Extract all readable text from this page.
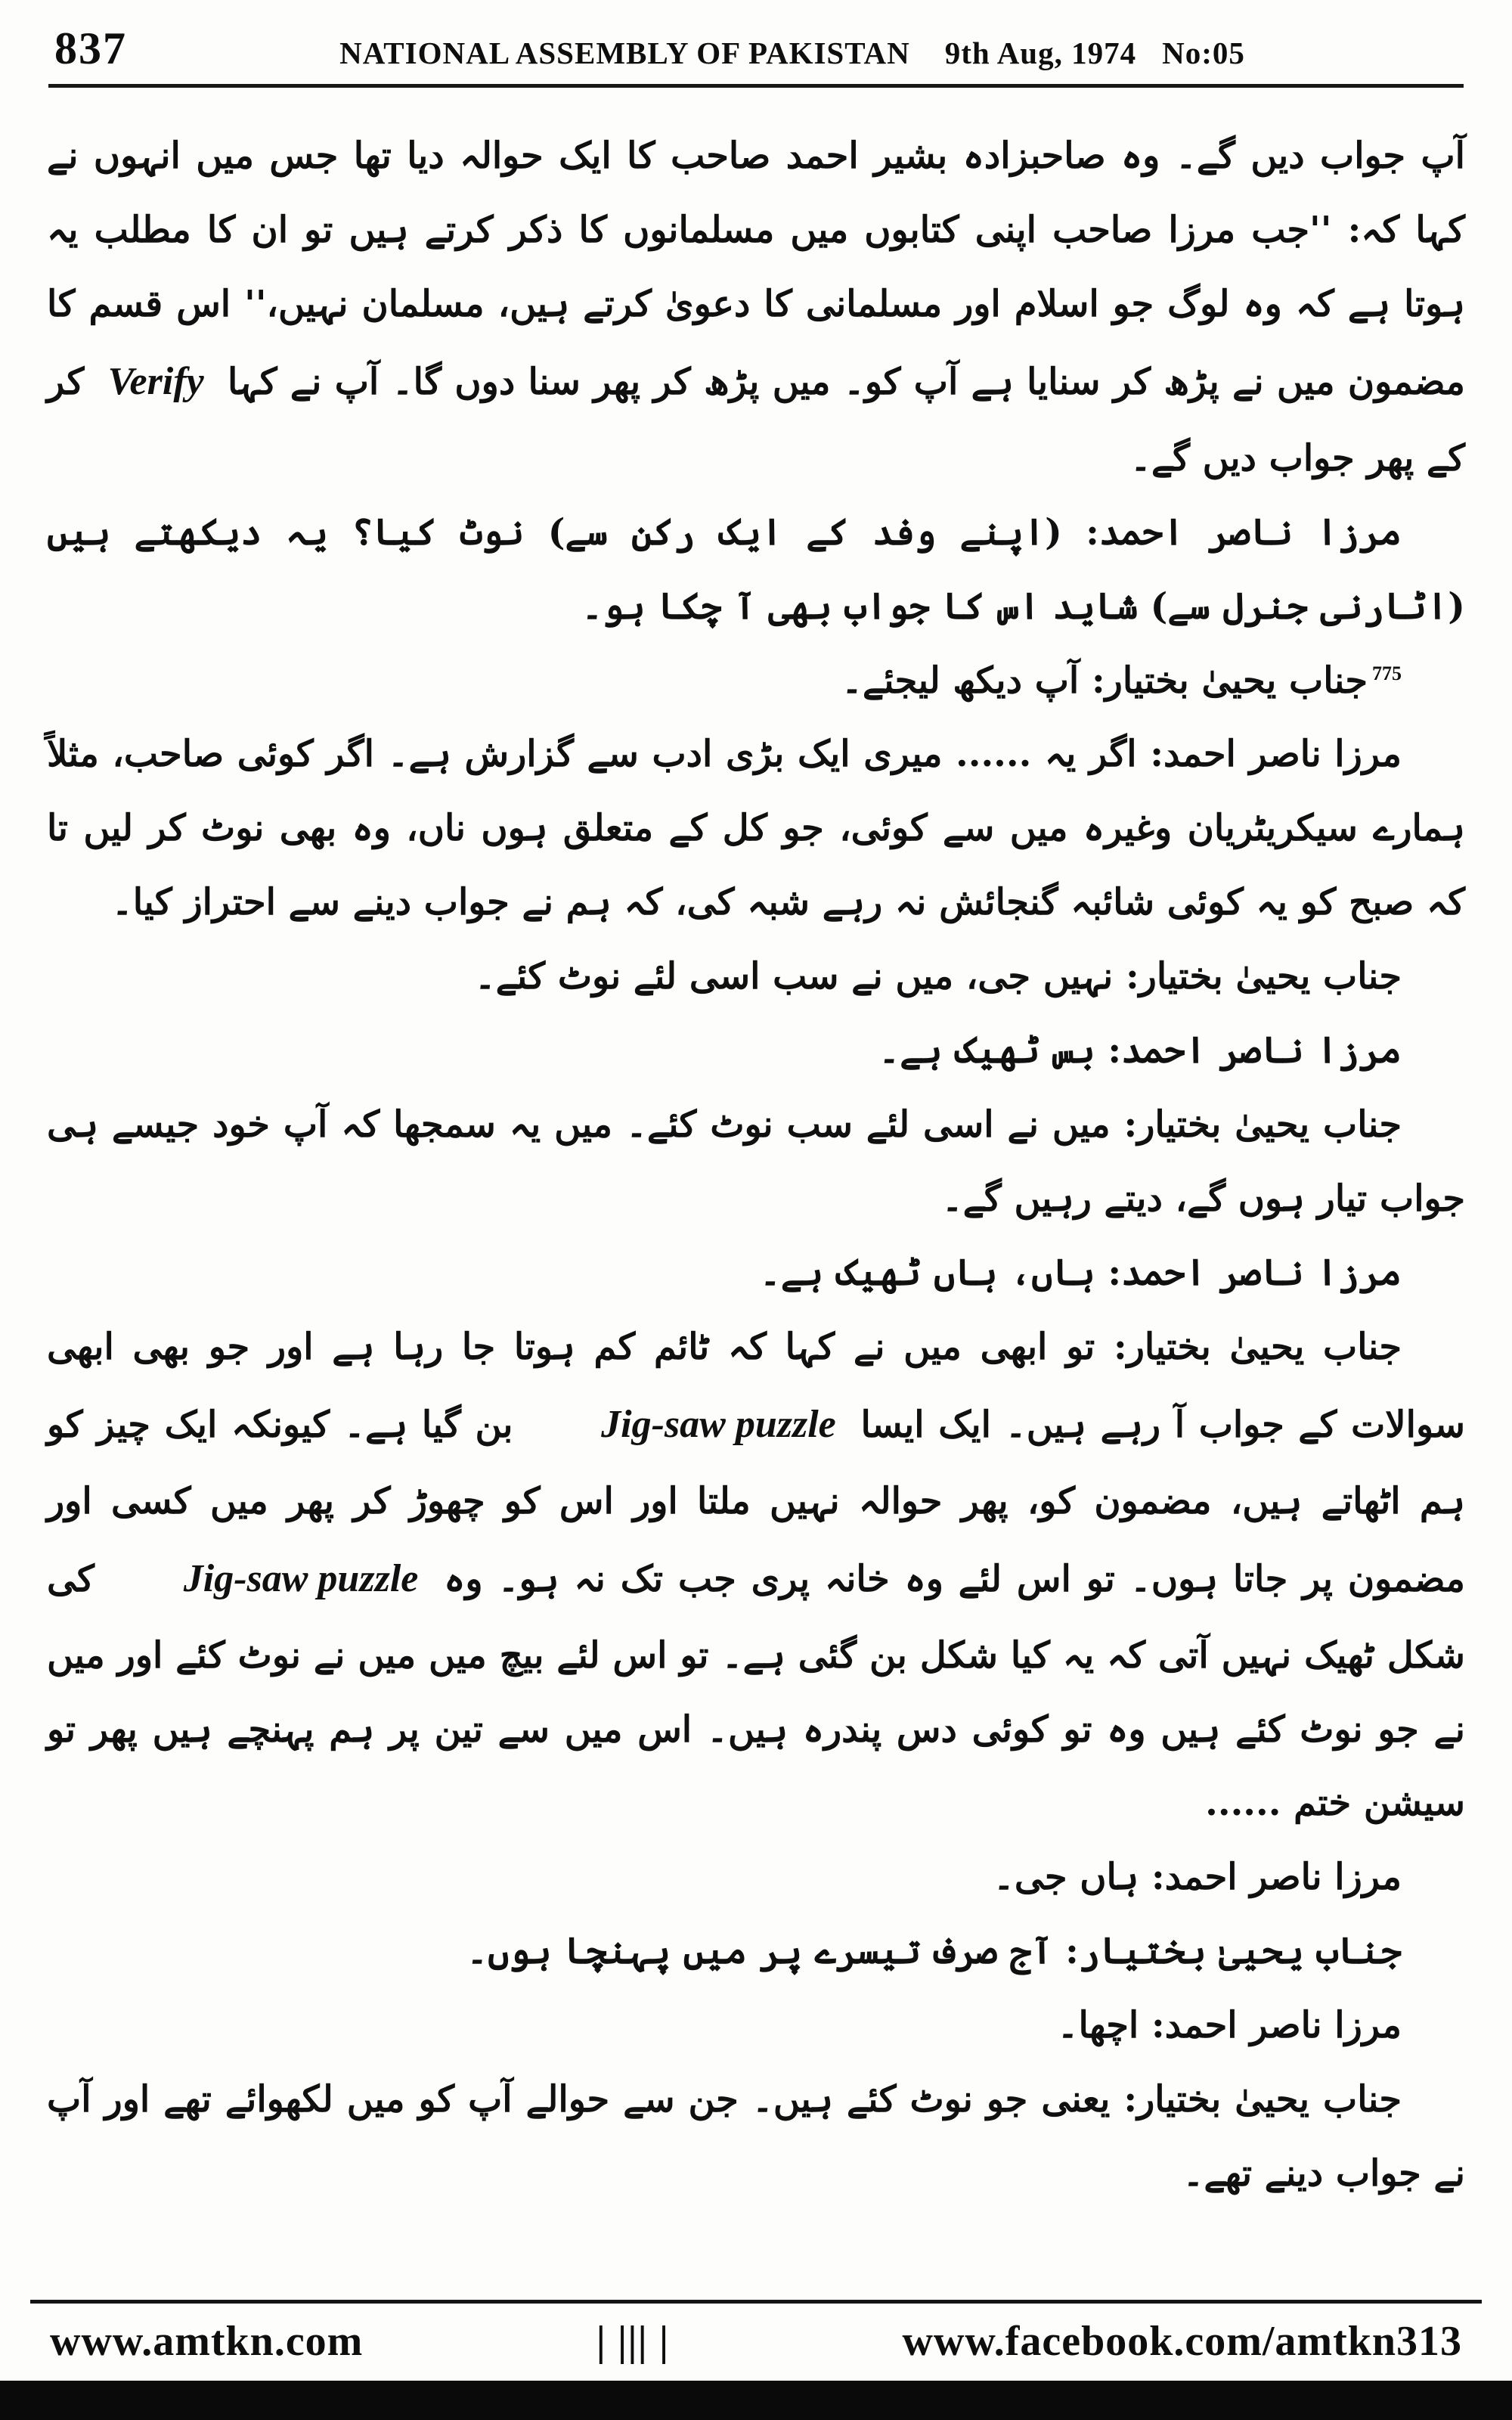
837	NATIONAL ASSEMBLY OF PAKISTAN 9th Aug, 1974 No:05

آپ جواب دیں گے۔ وہ صاحبزادہ بشیر احمد صاحب کا ایک حوالہ دیا تھا جس میں انہوں نے کہا کہ: ''جب مرزا صاحب اپنی کتابوں میں مسلمانوں کا ذکر کرتے ہیں تو ان کا مطلب یہ ہوتا ہے کہ وہ لوگ جو اسلام اور مسلمانی کا دعویٰ کرتے ہیں، مسلمان نہیں،'' اس قسم کا مضمون میں نے پڑھ کر سنایا ہے آپ کو۔ میں پڑھ کر پھر سنا دوں گا۔ آپ نے کہا Verify کر کے پھر جواب دیں گے۔

مرزا ناصر احمد: (اپنے وفد کے ایک رکن سے) نوٹ کیا؟ یہ دیکھتے ہیں (اٹارنی جنرل سے) شاید اس کا جواب بھی آ چکا ہو۔

$^{775}$جناب یحییٰ بختیار: آپ دیکھ لیجئے۔

مرزا ناصر احمد: اگر یہ ...... میری ایک بڑی ادب سے گزارش ہے۔ اگر کوئی صاحب، مثلاً ہمارے سیکریٹریان وغیرہ میں سے کوئی، جو کل کے متعلق ہوں ناں، وہ بھی نوٹ کر لیں تا کہ صبح کو یہ کوئی شائبہ گنجائش نہ رہے شبہ کی، کہ ہم نے جواب دینے سے احتراز کیا۔

جناب یحییٰ بختیار: نہیں جی، میں نے سب اسی لئے نوٹ کئے۔

مرزا ناصر احمد: بس ٹھیک ہے۔

جناب یحییٰ بختیار: میں نے اسی لئے سب نوٹ کئے۔ میں یہ سمجھا کہ آپ خود جیسے ہی جواب تیار ہوں گے، دیتے رہیں گے۔

مرزا ناصر احمد: ہاں، ہاں ٹھیک ہے۔

جناب یحییٰ بختیار: تو ابھی میں نے کہا کہ ٹائم کم ہوتا جا رہا ہے اور جو بھی ابھی سوالات کے جواب آ رہے ہیں۔ ایک ایسا Jig-saw puzzle بن گیا ہے۔ کیونکہ ایک چیز کو ہم اٹھاتے ہیں، مضمون کو، پھر حوالہ نہیں ملتا اور اس کو چھوڑ کر پھر میں کسی اور مضمون پر جاتا ہوں۔ تو اس لئے وہ خانہ پری جب تک نہ ہو۔ وہ Jig-saw puzzle کی شکل ٹھیک نہیں آتی کہ یہ کیا شکل بن گئی ہے۔ تو اس لئے بیچ میں میں نے نوٹ کئے اور میں نے جو نوٹ کئے ہیں وہ تو کوئی دس پندرہ ہیں۔ اس میں سے تین پر ہم پہنچے ہیں پھر تو سیشن ختم ......

مرزا ناصر احمد: ہاں جی۔

جناب یحییٰ بختیار: آج صرف تیسرے پر میں پہنچا ہوں۔

مرزا ناصر احمد: اچھا۔

جناب یحییٰ بختیار: یعنی جو نوٹ کئے ہیں۔ جن سے حوالے آپ کو میں لکھوائے تھے اور آپ نے جواب دینے تھے۔

www.amtkn.com	| ||| |	www.facebook.com/amtkn313
